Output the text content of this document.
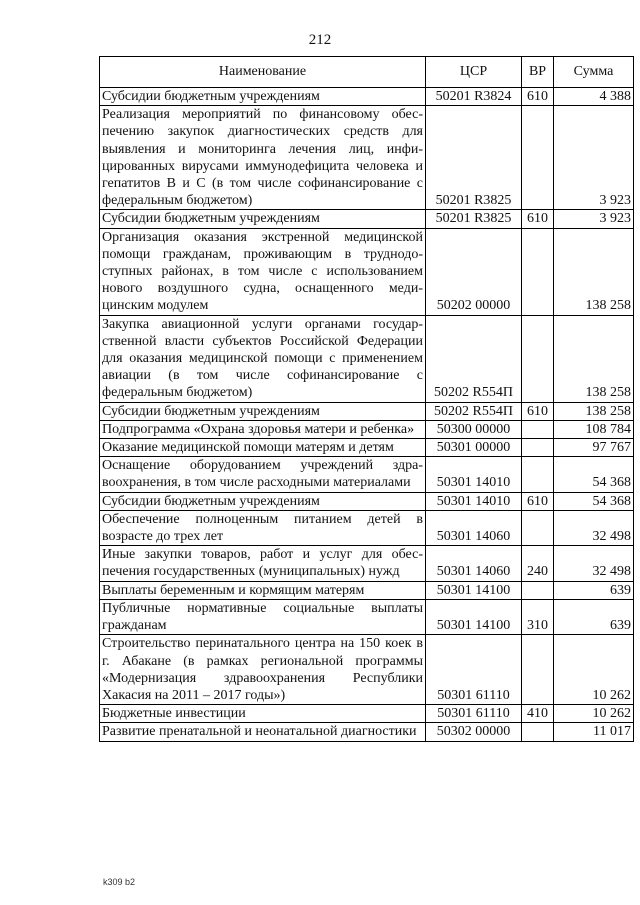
212
Наименование	ЦСР	ВР	Сумма
Субсидии бюджетным учреждениям	50201 R3824	610	4 388
Реализация мероприятий по финансовому обеспечению закупок диагностических средств для выявления и мониторинга лечения лиц, инфицированных вирусами иммунодефицита человека и гепатитов В и С (в том числе софинансирование с федеральным бюджетом)	50201 R3825		3 923
Субсидии бюджетным учреждениям	50201 R3825	610	3 923
Организация оказания экстренной медицинской помощи гражданам, проживающим в труднодоступных районах, в том числе с использованием нового воздушного судна, оснащенного медицинским модулем	50202 00000		138 258
Закупка авиационной услуги органами государственной власти субъектов Российской Федерации для оказания медицинской помощи с применением авиации (в том числе софинансирование с федеральным бюджетом)	50202 R554П		138 258
Субсидии бюджетным учреждениям	50202 R554П	610	138 258
Подпрограмма «Охрана здоровья матери и ребенка»	50300 00000		108 784
Оказание медицинской помощи матерям и детям	50301 00000		97 767
Оснащение оборудованием учреждений здравоохранения, в том числе расходными материалами	50301 14010		54 368
Субсидии бюджетным учреждениям	50301 14010	610	54 368
Обеспечение полноценным питанием детей в возрасте до трех лет	50301 14060		32 498
Иные закупки товаров, работ и услуг для обеспечения государственных (муниципальных) нужд	50301 14060	240	32 498
Выплаты беременным и кормящим матерям	50301 14100		639
Публичные нормативные социальные выплаты гражданам	50301 14100	310	639
Строительство перинатального центра на 150 коек в г. Абакане (в рамках региональной программы «Модернизация здравоохранения Республики Хакасия на 2011 – 2017 годы»)	50301 61110		10 262
Бюджетные инвестиции	50301 61110	410	10 262
Развитие пренатальной и неонатальной диагностики	50302 00000		11 017
k309 b2
